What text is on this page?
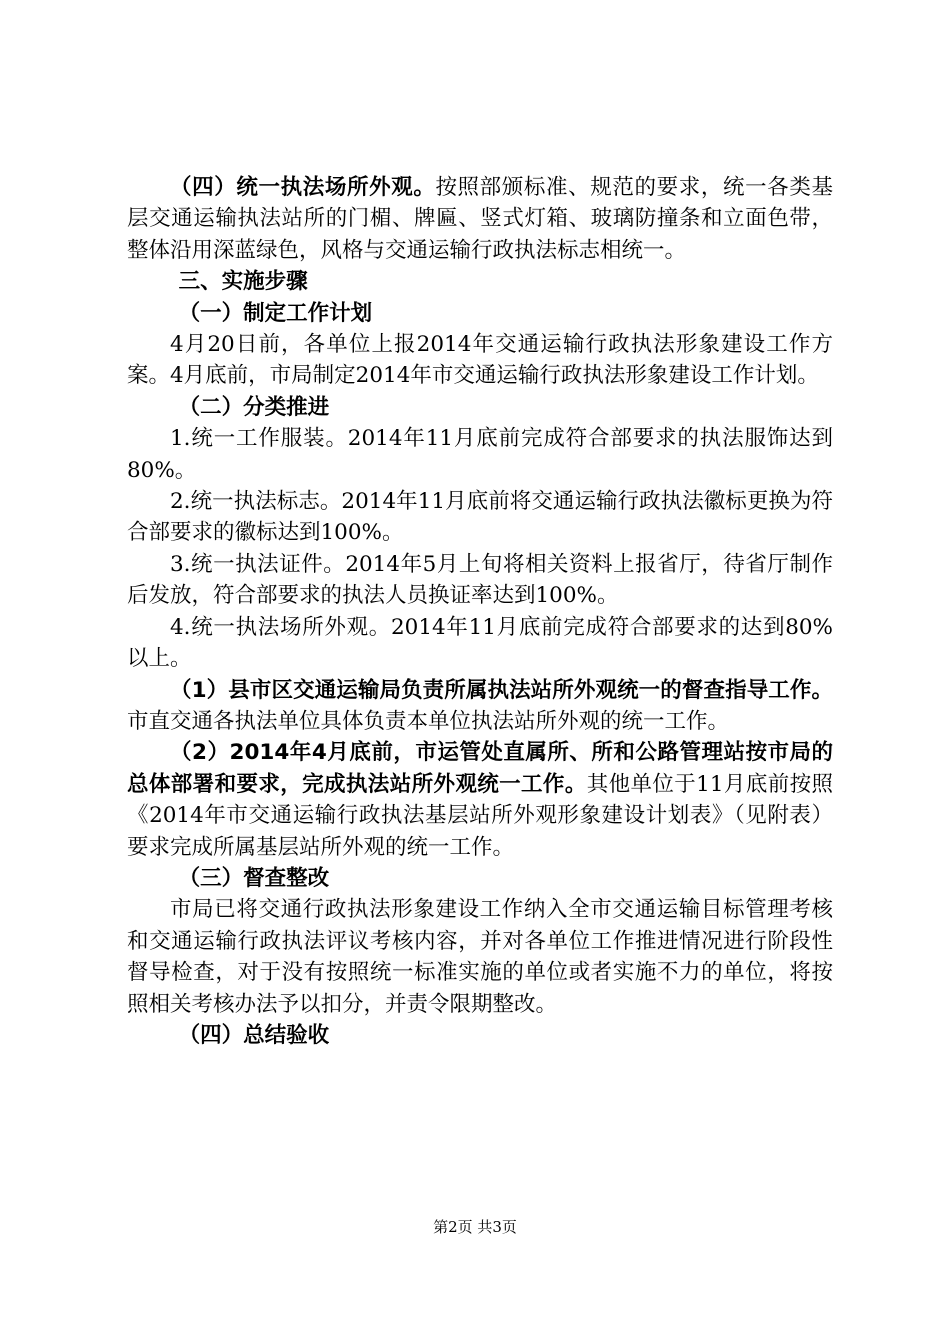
（四）统一执法场所外观。按照部颁标准、规范的要求，统一各类基层交通运输执法站所的门楣、牌匾、竖式灯箱、玻璃防撞条和立面色带，整体沿用深蓝绿色，风格与交通运输行政执法标志相统一。

三、实施步骤

（一）制定工作计划

4月20日前，各单位上报2014年交通运输行政执法形象建设工作方案。4月底前，市局制定2014年市交通运输行政执法形象建设工作计划。

（二）分类推进

1.统一工作服装。2014年11月底前完成符合部要求的执法服饰达到80%。

2.统一执法标志。2014年11月底前将交通运输行政执法徽标更换为符合部要求的徽标达到100%。

3.统一执法证件。2014年5月上旬将相关资料上报省厅，待省厅制作后发放，符合部要求的执法人员换证率达到100%。

4.统一执法场所外观。2014年11月底前完成符合部要求的达到80%以上。

（1）县市区交通运输局负责所属执法站所外观统一的督查指导工作。市直交通各执法单位具体负责本单位执法站所外观的统一工作。

（2）2014年4月底前，市运管处直属所、所和公路管理站按市局的总体部署和要求，完成执法站所外观统一工作。其他单位于11月底前按照《2014年市交通运输行政执法基层站所外观形象建设计划表》（见附表）要求完成所属基层站所外观的统一工作。

（三）督查整改

市局已将交通行政执法形象建设工作纳入全市交通运输目标管理考核和交通运输行政执法评议考核内容，并对各单位工作推进情况进行阶段性督导检查，对于没有按照统一标准实施的单位或者实施不力的单位，将按照相关考核办法予以扣分，并责令限期整改。

（四）总结验收

第2页 共3页
